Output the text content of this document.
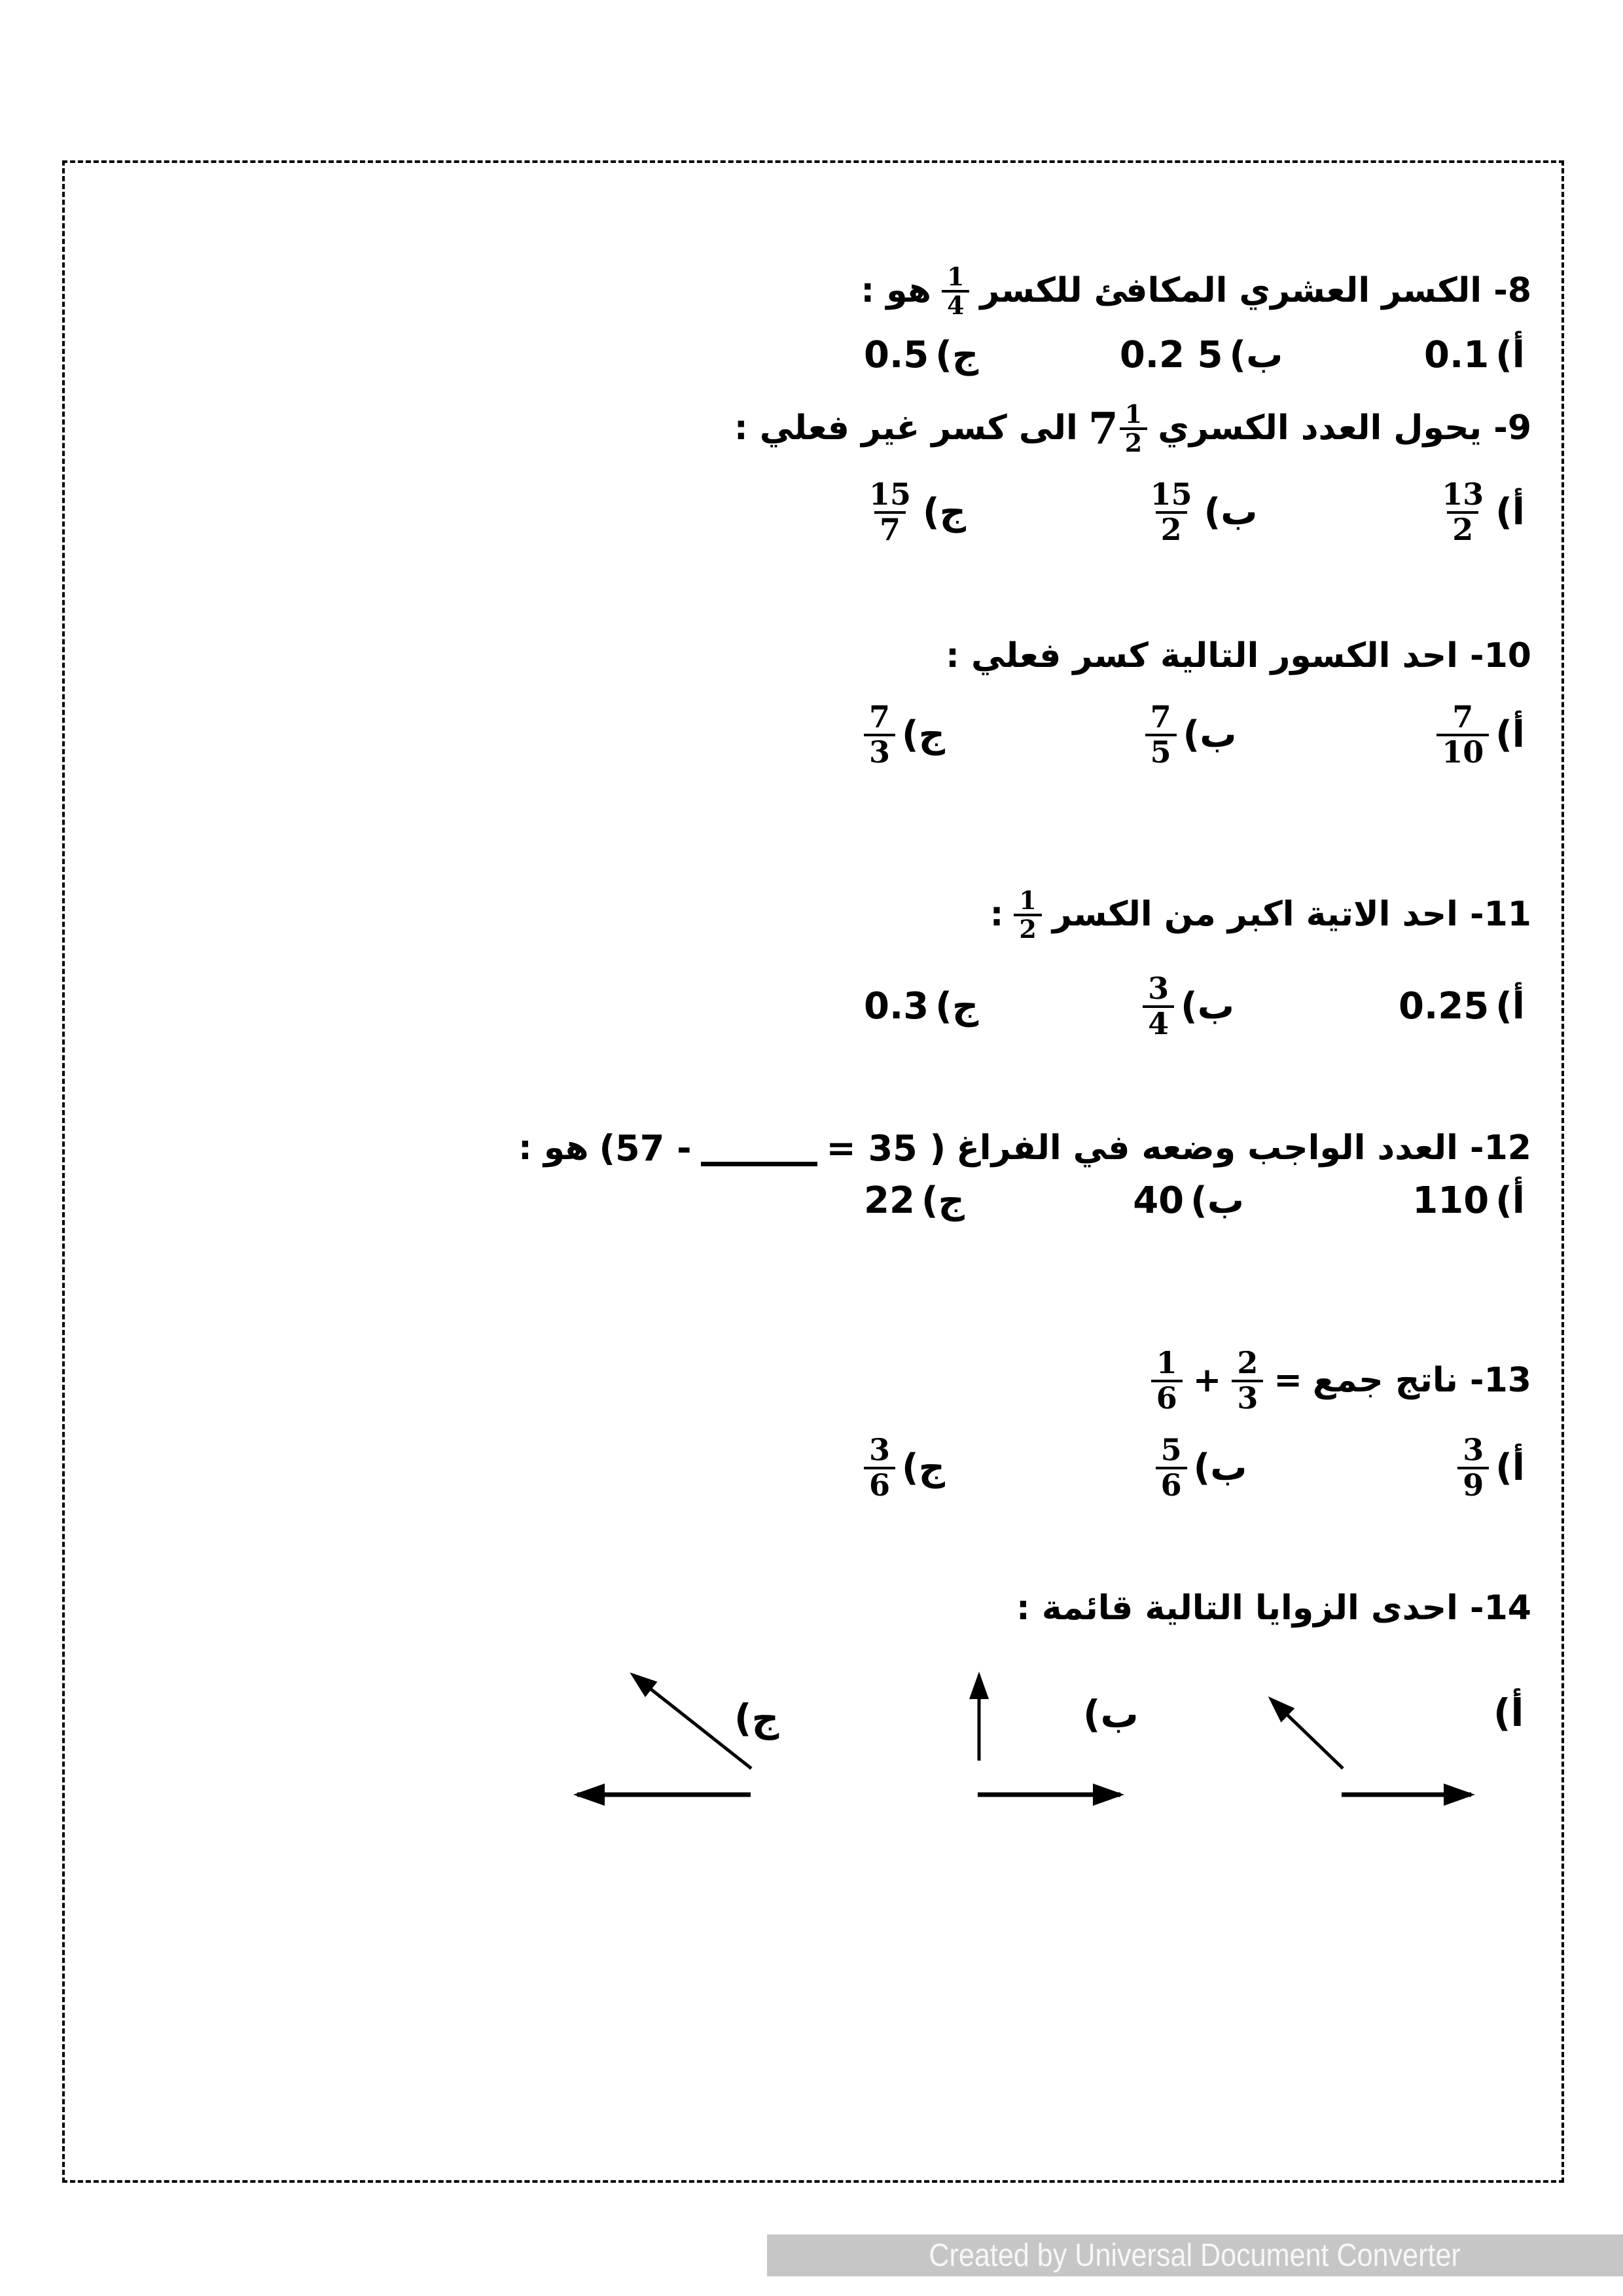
8- الكسر العشري المكافئ للكسر
$\frac{1}{4}$
هو :
أ)
0.1
ب)
0.2 5
ج)
0.5
9- يحول العدد الكسري
$7 \frac{1}{2}$
الى كسر غير فعلي :
أ)
$\frac{13}{2}$
ب)
$\frac{15}{2}$
ج)
$\frac{15}{7}$
10- احد الكسور التالية كسر فعلي :
أ)
$\frac{7}{10}$
ب)
$\frac{7}{5}$
ج)
$\frac{7}{3}$
11- احد الاتية اكبر من الكسر
$\frac{1}{2}$
:
أ)
0.25
ب)
$\frac{3}{4}$
ج)
0.3
12- العدد الواجب وضعه في الفراغ
(57 -	= 35 )
هو :
أ)
110
ب)
40
ج)
22
13- ناتج جمع
=
$\frac{2}{3}$
+
$\frac{1}{6}$
أ)
$\frac{3}{9}$
ب)
$\frac{5}{6}$
ج)
$\frac{3}{6}$
14- احدى الزوايا التالية قائمة :
أ)
ب)
ج)
Created by Universal Document Converter
